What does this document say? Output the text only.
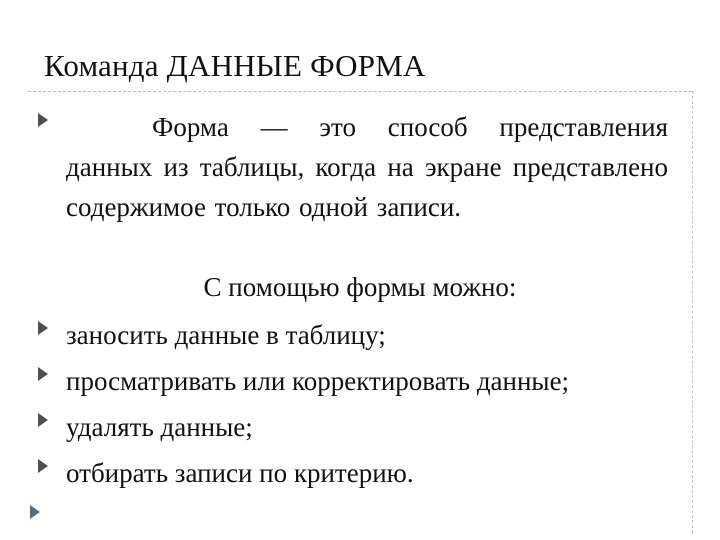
Команда ДАННЫЕ ФОРМА
Форма — это способ представления данных из таблицы, когда на экране представлено содержимое только одной записи.
С помощью формы можно:
заносить данные в таблицу;
просматривать или корректировать данные;
удалять данные;
отбирать записи по критерию.
